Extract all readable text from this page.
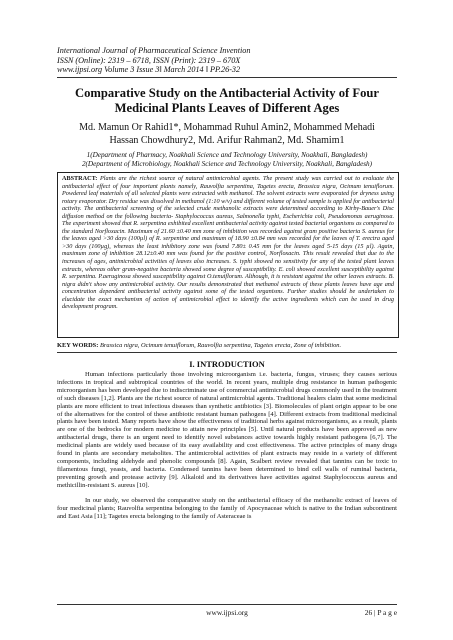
International Journal of Pharmaceutical Science Invention
ISSN (Online): 2319 – 6718, ISSN (Print): 2319 – 670X
www.ijpsi.org Volume 3 Issue 3ǁ March 2014 ǁ PP.26-32
Comparative Study on the Antibacterial Activity of Four Medicinal Plants Leaves of Different Ages
Md. Mamun Or Rahid1*, Mohammad Ruhul Amin2, Mohammed Mehadi
Hassan Chowdhury2, Md. Arifur Rahman2, Md. Shamim1
1(Department of Pharmacy, Noakhali Science and Technology University, Noakhali, Bangladesh)
2(Department of Microbiology, Noakhali Science and Technology University, Noakhali, Bangladesh)
ABSTRACT: Plants are the richest source of natural antimicrobial agents. The present study was carried out to evaluate the antibacterial effect of four important plants namely, Rauvolfia serpentina, Tagetes erecta, Brassica nigra, Ocimum tenuiflorum. Powdered leaf materials of all selected plants were extracted with methanol. The solvent extracts were evaporated for dryness using rotary evaporator. Dry residue was dissolved in methanol (1:10 w/v) and different volume of tested sample is applied for antibacterial activity. The antibacterial screening of the selected crude methanolic extracts were determined according to Kirby-Bauer's Disc diffusion method on the following bacteria- Staphylococcus aureus, Salmonella typhi, Escherichia coli, Pseudomonas aeruginosa. The experiment showed that R. serpentina exhibited excellent antibacterial activity against tested bacterial organisms as compared to the standard Norfloxacin. Maximum of 21.60 ±0.40 mm zone of inhibition was recorded against gram positive bacteria S. aureus for the leaves aged >30 days (100µl) of R. serpentine and maximum of 18.90 ±0.84 mm was recorded for the leaves of T. erectra aged >30 days (100µg), whereas the least inhibitory zone was found 7.80± 0.45 mm for the leaves aged 5-15 days (15 µl). Again, maximum zone of inhibition 28.12±0.40 mm was found for the positive control, Norfloxacin. This result revealed that due to the increases of ages, antimicrobial activities of leaves also increases. S. typhi showed no sensitivity for any of the tested plant leaves extracts, whereas other gram-negative bacteria showed some degree of susceptibility. E. coli showed excellent susceptibility against R. serpentina. P.aeruginosa showed susceptibility against O.tenuiflorum. Although, it is resistant against the other leaves extracts. B. nigra didn't show any antimicrobial activity. Our results demonstrated that methanol extracts of these plants leaves have age and concentration dependent antibacterial activity against some of the tested organisms. Further studies should be undertaken to elucidate the exact mechanism of action of antimicrobial effect to identify the active ingredients which can be used in drug development program.
KEY WORDS: Brassica nigra, Ocimum tenuiflorum, Rauvolfia serpentina, Tagetes erecta, Zone of inhibition.
I. INTRODUCTION

Human infections particularly those involving microorganism i.e. bacteria, fungus, viruses; they causes serious infections in tropical and subtropical countries of the world. In recent years, multiple drug resistance in human pathogenic microorganism has been developed due to indiscriminate use of commercial antimicrobial drugs commonly used in the treatment of such diseases [1,2]. Plants are the richest source of natural antimicrobial agents. Traditional healers claim that some medicinal plants are more efficient to treat infectious diseases than synthetic antibiotics [3]. Biomolecules of plant origin appear to be one of the alternatives for the control of these antibiotic resistant human pathogens [4]. Different extracts from traditional medicinal plants have been tested. Many reports have show the effectiveness of traditional herbs against microorganisms, as a result, plants are one of the bedrocks for modern medicine to attain new principles [5]. Until natural products have been approved as new antibacterial drugs, there is an urgent need to identify novel substances active towards highly resistant pathogens [6,7]. The medicinal plants are widely used because of its easy availability and cost effectiveness. The active principles of many drugs found in plants are secondary metabolites. The antimicrobial activities of plant extracts may reside in a variety of different components, including aldehyde and phenolic compounds [8]. Again, Scalbert review revealed that tannins can be toxic to filamentous fungi, yeasts, and bacteria. Condensed tannins have been determined to bind cell walls of ruminal bacteria, preventing growth and protease activity [9]. Alkaloid and its derivatives have activities against Staphylococcus aureus and methicillin-resistant S. aureus [10].

In our study, we observed the comparative study on the antibacterial efficacy of the methanolic extract of leaves of four medicinal plants; Rauvolfia serpentina belonging to the family of Apocynaceae which is native to the Indian subcontinent and East Asia [11]; Tagetes erecta belonging to the family of Asteraceae is

www.ijpsi.org	26 | P a g e
